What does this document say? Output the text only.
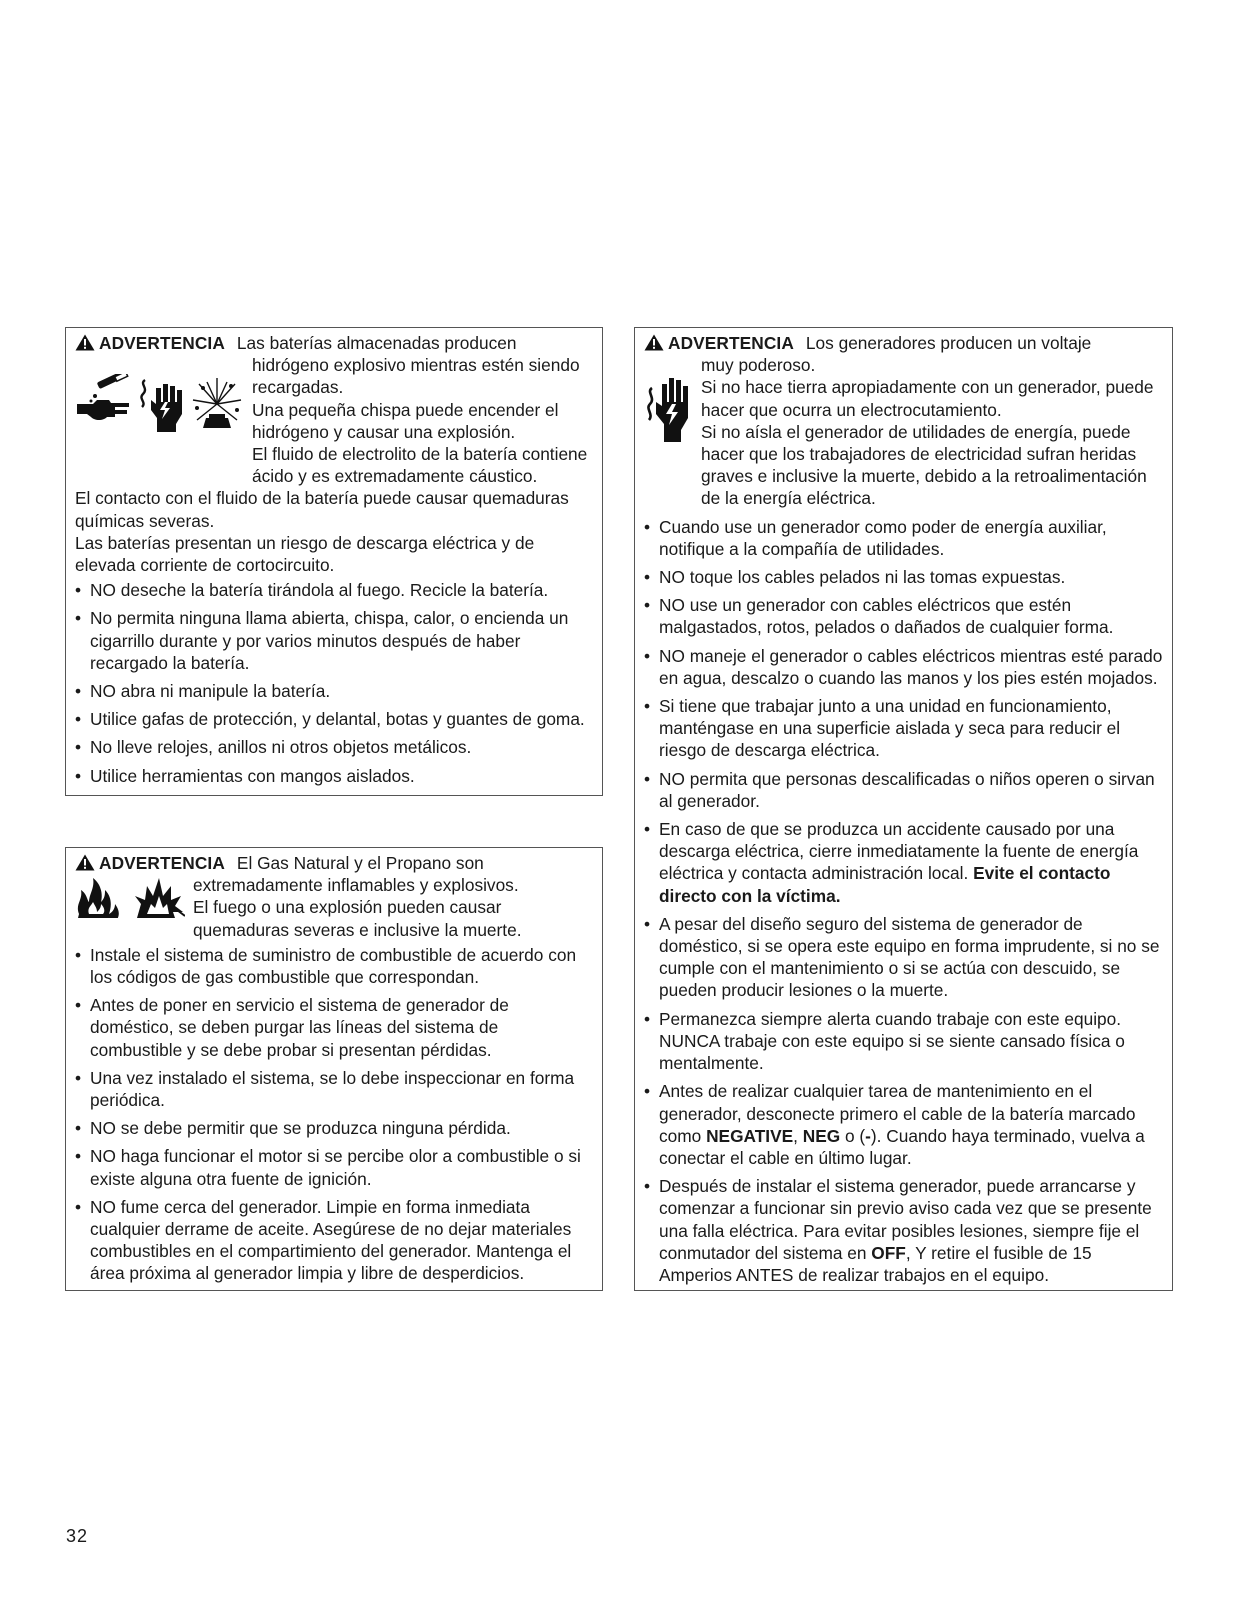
ADVERTENCIA Las baterías almacenadas producen
hidrógeno explosivo mientras estén siendo
recargadas.
Una pequeña chispa puede encender el
hidrógeno y causar una explosión.
El fluido de electrolito de la batería contiene
ácido y es extremadamente cáustico.

El contacto con el fluido de la batería puede causar quemaduras químicas severas.

Las baterías presentan un riesgo de descarga eléctrica y de elevada corriente de cortocircuito.

• NO deseche la batería tirándola al fuego. Recicle la batería.
• No permita ninguna llama abierta, chispa, calor, o encienda un cigarrillo durante y por varios minutos después de haber recargado la batería.
• NO abra ni manipule la batería.
• Utilice gafas de protección, y delantal, botas y guantes de goma.
• No lleve relojes, anillos ni otros objetos metálicos.
• Utilice herramientas con mangos aislados.
ADVERTENCIA El Gas Natural y el Propano son
extremadamente inflamables y explosivos.
El fuego o una explosión pueden causar
quemaduras severas e inclusive la muerte.
• Instale el sistema de suministro de combustible de acuerdo con los códigos de gas combustible que correspondan.
• Antes de poner en servicio el sistema de generador de doméstico, se deben purgar las líneas del sistema de combustible y se debe probar si presentan pérdidas.
• Una vez instalado el sistema, se lo debe inspeccionar en forma periódica.
• NO se debe permitir que se produzca ninguna pérdida.
• NO haga funcionar el motor si se percibe olor a combustible o si existe alguna otra fuente de ignición.
• NO fume cerca del generador. Limpie en forma inmediata cualquier derrame de aceite. Asegúrese de no dejar materiales combustibles en el compartimiento del generador. Mantenga el área próxima al generador limpia y libre de desperdicios.
ADVERTENCIA Los generadores producen un voltaje
muy poderoso.
Si no hace tierra apropiadamente con un generador, puede
hacer que ocurra un electrocutamiento.
Si no aísla el generador de utilidades de energía, puede
hacer que los trabajadores de electricidad sufran heridas
graves e inclusive la muerte, debido a la retroalimentación
de la energía eléctrica.
• Cuando use un generador como poder de energía auxiliar, notifique a la compañía de utilidades.
• NO toque los cables pelados ni las tomas expuestas.
• NO use un generador con cables eléctricos que estén malgastados, rotos, pelados o dañados de cualquier forma.
• NO maneje el generador o cables eléctricos mientras esté parado en agua, descalzo o cuando las manos y los pies estén mojados.
• Si tiene que trabajar junto a una unidad en funcionamiento, manténgase en una superficie aislada y seca para reducir el riesgo de descarga eléctrica.
• NO permita que personas descalificadas o niños operen o sirvan al generador.
• En caso de que se produzca un accidente causado por una descarga eléctrica, cierre inmediatamente la fuente de energía eléctrica y contacta administración local. Evite el contacto directo con la víctima.
• A pesar del diseño seguro del sistema de generador de doméstico, si se opera este equipo en forma imprudente, si no se cumple con el mantenimiento o si se actúa con descuido, se pueden producir lesiones o la muerte.
• Permanezca siempre alerta cuando trabaje con este equipo. NUNCA trabaje con este equipo si se siente cansado física o mentalmente.
• Antes de realizar cualquier tarea de mantenimiento en el generador, desconecte primero el cable de la batería marcado como NEGATIVE, NEG o (-). Cuando haya terminado, vuelva a conectar el cable en último lugar.
• Después de instalar el sistema generador, puede arrancarse y comenzar a funcionar sin previo aviso cada vez que se presente una falla eléctrica. Para evitar posibles lesiones, siempre fije el conmutador del sistema en OFF, Y retire el fusible de 15 Amperios ANTES de realizar trabajos en el equipo.
32
